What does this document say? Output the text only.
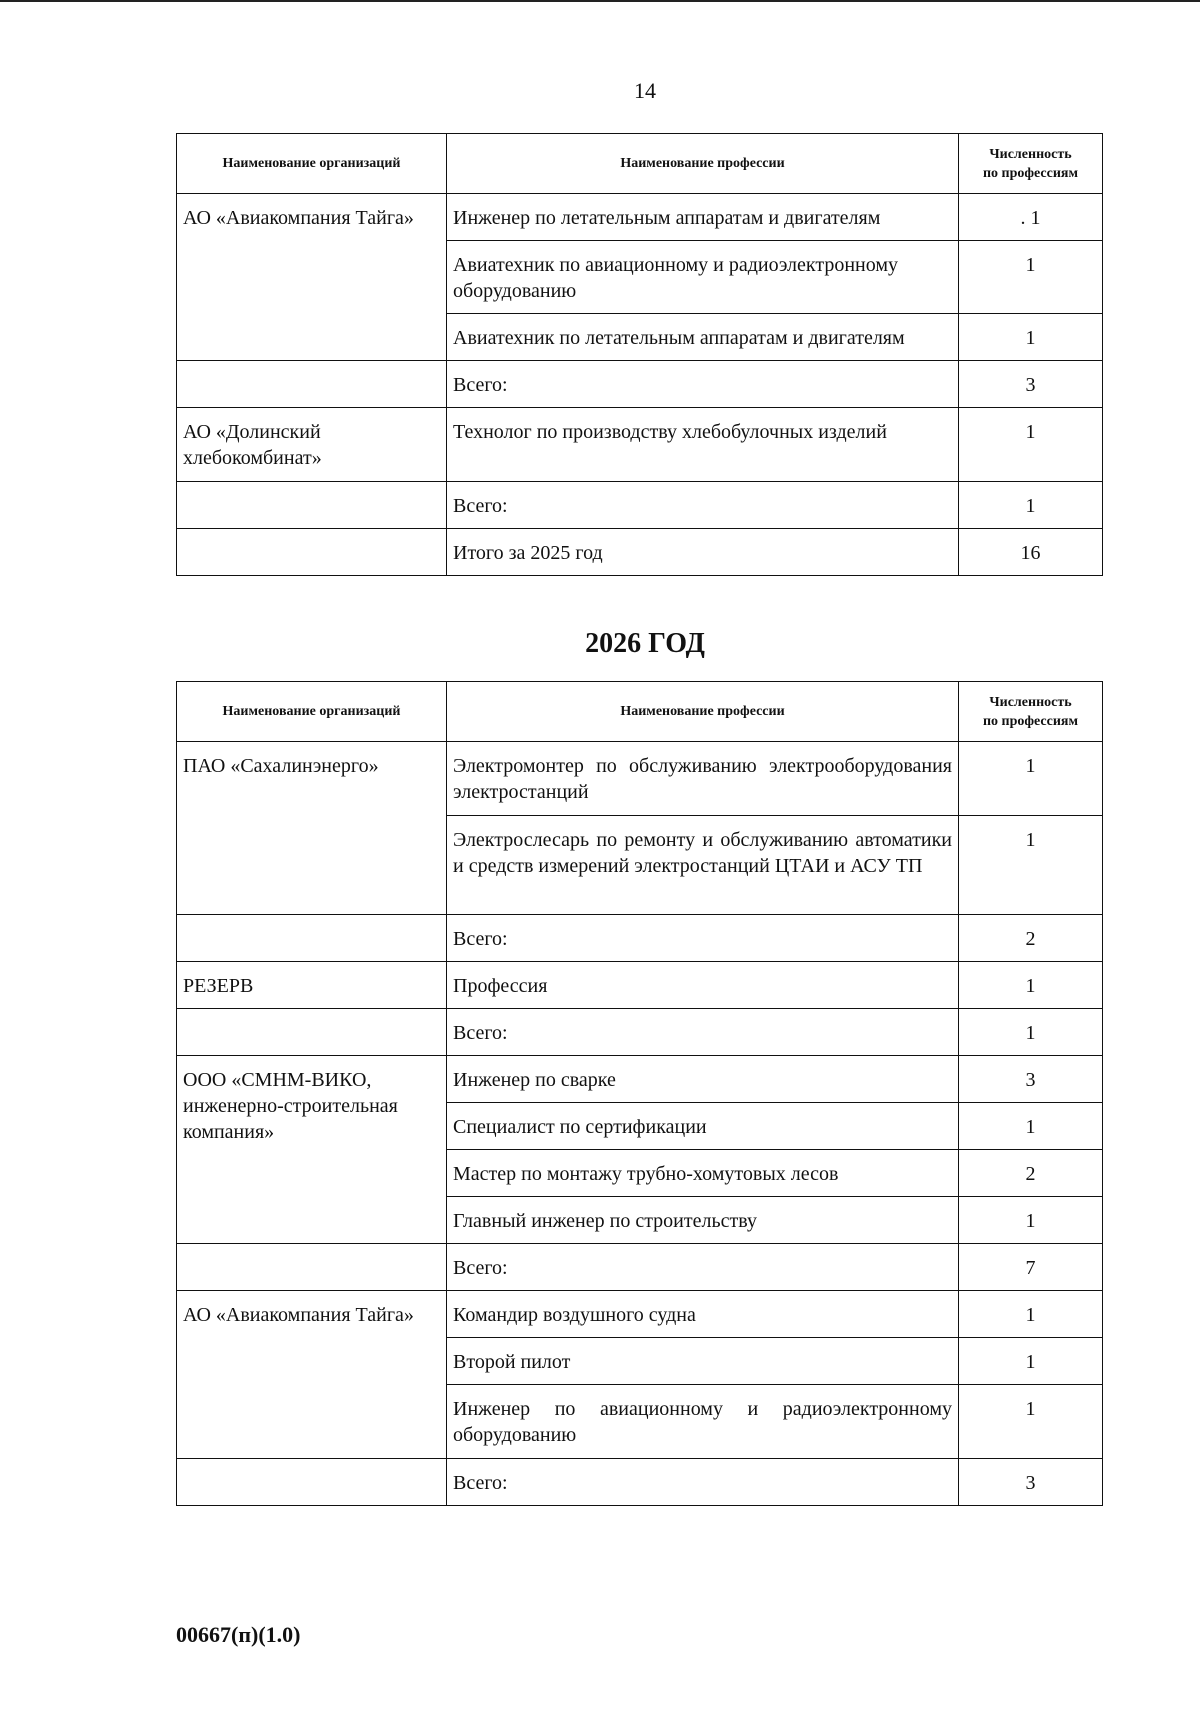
14
Наименование организаций	Наименование профессии	Численность
по профессиям
АО «Авиакомпания Тайга»	Инженер по летательным аппаратам и двигателям	. 1
	Авиатехник по авиационному и радиоэлектронному оборудованию	1
	Авиатехник по летательным аппаратам и двигателям	1
	Всего:	3
АО «Долинский хлебокомбинат»	Технолог по производству хлебобулочных изделий	1
	Всего:	1
	Итого за 2025 год	16
2026 ГОД
Наименование организаций	Наименование профессии	Численность
по профессиям
ПАО «Сахалинэнерго»	Электромонтер по обслуживанию электрооборудования электростанций	1
	Электрослесарь по ремонту и обслуживанию автоматики и средств измерений электростанций ЦТАИ и АСУ ТП	1
	Всего:	2
РЕЗЕРВ	Профессия	1
	Всего:	1
ООО «СМНМ-ВИКО, инженерно-строительная компания»	Инженер по сварке	3
	Специалист по сертификации	1
	Мастер по монтажу трубно-хомутовых лесов	2
	Главный инженер по строительству	1
	Всего:	7
АО «Авиакомпания Тайга»	Командир воздушного судна	1
	Второй пилот	1
	Инженер по авиационному и радиоэлектронному оборудованию	1
	Всего:	3
00667(п)(1.0)
